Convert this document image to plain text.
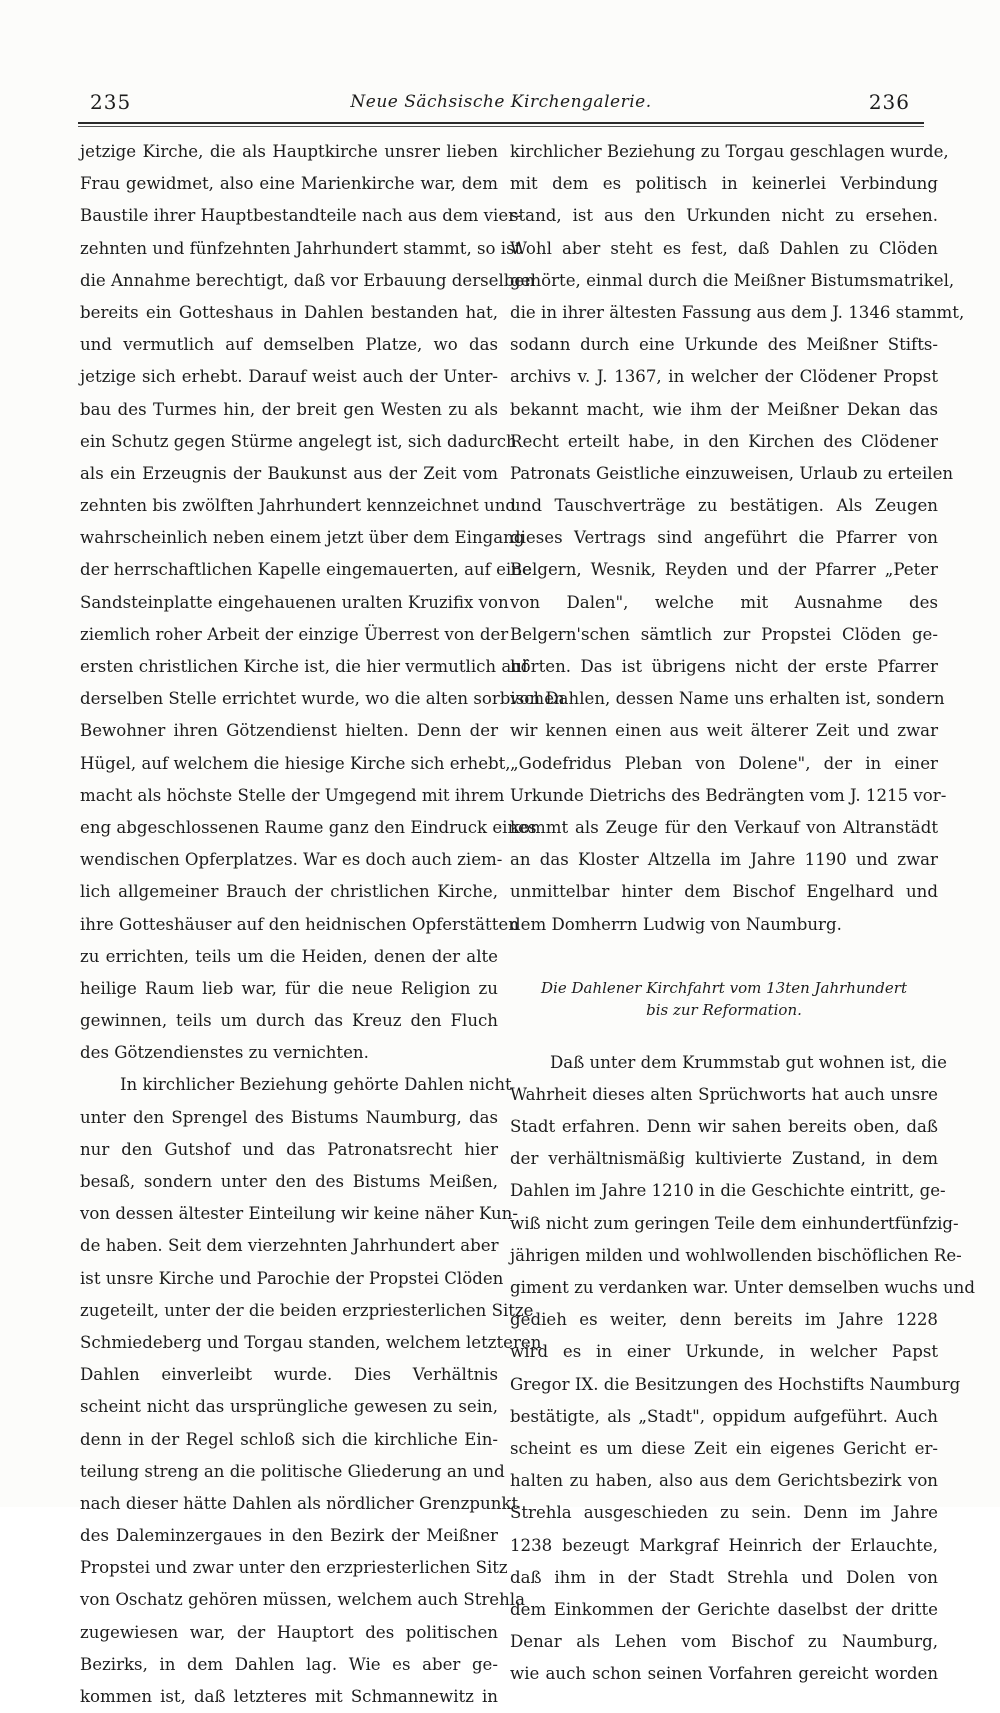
235	Neue Sächsische Kirchengalerie.	236
jetzige Kirche, die als Hauptkirche unsrer lieben
Frau gewidmet, also eine Marienkirche war, dem
Baustile ihrer Hauptbestandteile nach aus dem vier-
zehnten und fünfzehnten Jahrhundert stammt, so ist
die Annahme berechtigt, daß vor Erbauung derselben
bereits ein Gotteshaus in Dahlen bestanden hat,
und vermutlich auf demselben Platze, wo das
jetzige sich erhebt. Darauf weist auch der Unter-
bau des Turmes hin, der breit gen Westen zu als
ein Schutz gegen Stürme angelegt ist, sich dadurch
als ein Erzeugnis der Baukunst aus der Zeit vom
zehnten bis zwölften Jahrhundert kennzeichnet und
wahrscheinlich neben einem jetzt über dem Eingang
der herrschaftlichen Kapelle eingemauerten, auf eine
Sandsteinplatte eingehauenen uralten Kruzifix von
ziemlich roher Arbeit der einzige Überrest von der
ersten christlichen Kirche ist, die hier vermutlich auf
derselben Stelle errichtet wurde, wo die alten sorbischen
Bewohner ihren Götzendienst hielten. Denn der
Hügel, auf welchem die hiesige Kirche sich erhebt,
macht als höchste Stelle der Umgegend mit ihrem
eng abgeschlossenen Raume ganz den Eindruck eines
wendischen Opferplatzes. War es doch auch ziem-
lich allgemeiner Brauch der christlichen Kirche,
ihre Gotteshäuser auf den heidnischen Opferstätten
zu errichten, teils um die Heiden, denen der alte
heilige Raum lieb war, für die neue Religion zu
gewinnen, teils um durch das Kreuz den Fluch
des Götzendienstes zu vernichten.
In kirchlicher Beziehung gehörte Dahlen nicht
unter den Sprengel des Bistums Naumburg, das
nur den Gutshof und das Patronatsrecht hier
besaß, sondern unter den des Bistums Meißen,
von dessen ältester Einteilung wir keine näher Kun-
de haben. Seit dem vierzehnten Jahrhundert aber
ist unsre Kirche und Parochie der Propstei Clöden
zugeteilt, unter der die beiden erzpriesterlichen Sitze
Schmiedeberg und Torgau standen, welchem letzteren
Dahlen einverleibt wurde. Dies Verhältnis
scheint nicht das ursprüngliche gewesen zu sein,
denn in der Regel schloß sich die kirchliche Ein-
teilung streng an die politische Gliederung an und
nach dieser hätte Dahlen als nördlicher Grenzpunkt
des Daleminzergaues in den Bezirk der Meißner
Propstei und zwar unter den erzpriesterlichen Sitz
von Oschatz gehören müssen, welchem auch Strehla
zugewiesen war, der Hauptort des politischen
Bezirks, in dem Dahlen lag. Wie es aber ge-
kommen ist, daß letzteres mit Schmannewitz in
kirchlicher Beziehung zu Torgau geschlagen wurde,
mit dem es politisch in keinerlei Verbindung
stand, ist aus den Urkunden nicht zu ersehen.
Wohl aber steht es fest, daß Dahlen zu Clöden
gehörte, einmal durch die Meißner Bistumsmatrikel,
die in ihrer ältesten Fassung aus dem J. 1346 stammt,
sodann durch eine Urkunde des Meißner Stifts-
archivs v. J. 1367, in welcher der Clödener Propst
bekannt macht, wie ihm der Meißner Dekan das
Recht erteilt habe, in den Kirchen des Clödener
Patronats Geistliche einzuweisen, Urlaub zu erteilen
und Tauschverträge zu bestätigen. Als Zeugen
dieses Vertrags sind angeführt die Pfarrer von
Belgern, Wesnik, Reyden und der Pfarrer „Peter
von Dalen", welche mit Ausnahme des
Belgern'schen sämtlich zur Propstei Clöden ge-
hörten. Das ist übrigens nicht der erste Pfarrer
von Dahlen, dessen Name uns erhalten ist, sondern
wir kennen einen aus weit älterer Zeit und zwar
„Godefridus Pleban von Dolene", der in einer
Urkunde Dietrichs des Bedrängten vom J. 1215 vor-
kommt als Zeuge für den Verkauf von Altranstädt
an das Kloster Altzella im Jahre 1190 und zwar
unmittelbar hinter dem Bischof Engelhard und
dem Domherrn Ludwig von Naumburg.
Die Dahlener Kirchfahrt vom 13ten Jahrhundert
bis zur Reformation.
Daß unter dem Krummstab gut wohnen ist, die
Wahrheit dieses alten Sprüchworts hat auch unsre
Stadt erfahren. Denn wir sahen bereits oben, daß
der verhältnismäßig kultivierte Zustand, in dem
Dahlen im Jahre 1210 in die Geschichte eintritt, ge-
wiß nicht zum geringen Teile dem einhundertfünfzig-
jährigen milden und wohlwollenden bischöflichen Re-
giment zu verdanken war. Unter demselben wuchs und
gedieh es weiter, denn bereits im Jahre 1228
wird es in einer Urkunde, in welcher Papst
Gregor IX. die Besitzungen des Hochstifts Naumburg
bestätigte, als „Stadt", oppidum aufgeführt. Auch
scheint es um diese Zeit ein eigenes Gericht er-
halten zu haben, also aus dem Gerichtsbezirk von
Strehla ausgeschieden zu sein. Denn im Jahre
1238 bezeugt Markgraf Heinrich der Erlauchte,
daß ihm in der Stadt Strehla und Dolen von
dem Einkommen der Gerichte daselbst der dritte
Denar als Lehen vom Bischof zu Naumburg,
wie auch schon seinen Vorfahren gereicht worden
